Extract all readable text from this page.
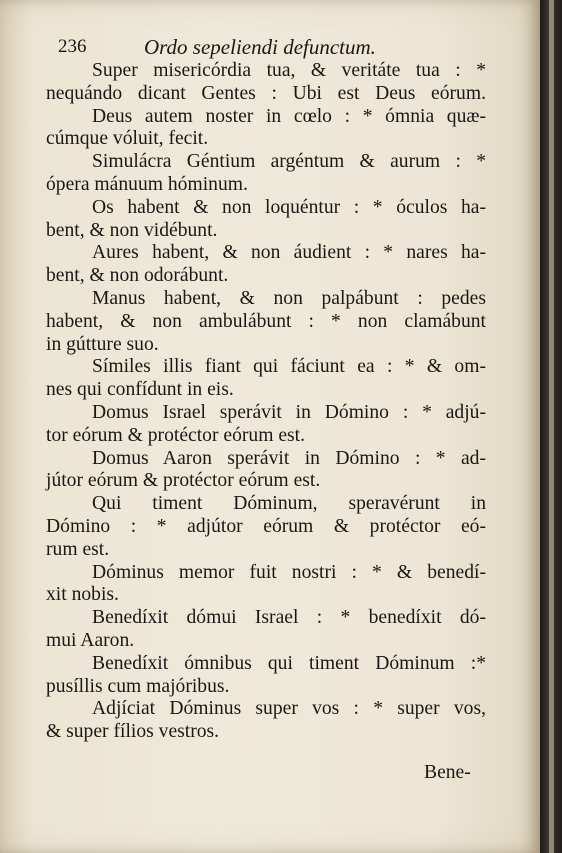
236	Ordo sepeliendi defunctum.
Super misericórdia tua, & veritáte tua : *
nequándo dicant Gentes : Ubi est Deus eórum.
Deus autem noster in cœlo : * ómnia quæ-
cúmque vóluit, fecit.
Simulácra Géntium argéntum & aurum : *
ópera mánuum hóminum.
Os habent & non loquéntur : * óculos ha-
bent, & non vidébunt.
Aures habent, & non áudient : * nares ha-
bent, & non odorábunt.
Manus habent, & non palpábunt : pedes
habent, & non ambulábunt : * non clamábunt
in gútture suo.
Símiles illis fiant qui fáciunt ea : * & om-
nes qui confídunt in eis.
Domus Israel sperávit in Dómino : * adjú-
tor eórum & protéctor eórum est.
Domus Aaron sperávit in Dómino : * ad-
jútor eórum & protéctor eórum est.
Qui timent Dóminum, speravérunt in
Dómino : * adjútor eórum & protéctor eó-
rum est.
Dóminus memor fuit nostri : * & benedí-
xit nobis.
Benedíxit dómui Israel : * benedíxit dó-
mui Aaron.
Benedíxit ómnibus qui timent Dóminum :*
pusíllis cum majóribus.
Adjíciat Dóminus super vos : * super vos,
& super fílios vestros.
Bene-
